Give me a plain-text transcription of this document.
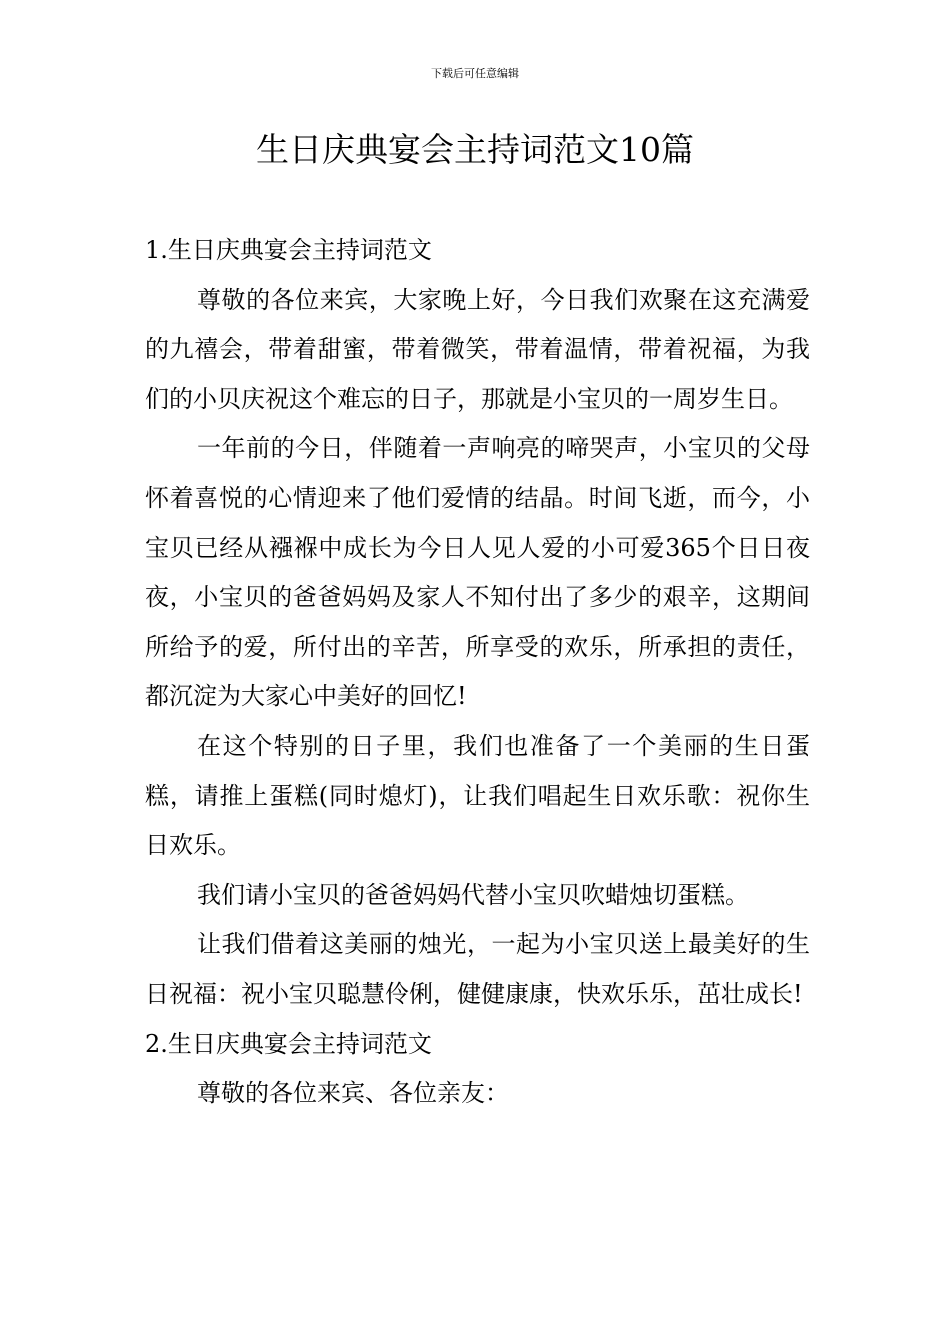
下载后可任意编辑
生日庆典宴会主持词范文10篇

1.生日庆典宴会主持词范文

尊敬的各位来宾，大家晚上好，今日我们欢聚在这充满爱的九禧会，带着甜蜜，带着微笑，带着温情，带着祝福，为我们的小贝庆祝这个难忘的日子，那就是小宝贝的一周岁生日。

一年前的今日，伴随着一声响亮的啼哭声，小宝贝的父母怀着喜悦的心情迎来了他们爱情的结晶。时间飞逝，而今，小宝贝已经从襁褓中成长为今日人见人爱的小可爱365个日日夜夜，小宝贝的爸爸妈妈及家人不知付出了多少的艰辛，这期间所给予的爱，所付出的辛苦，所享受的欢乐，所承担的责任，都沉淀为大家心中美好的回忆!

在这个特别的日子里，我们也准备了一个美丽的生日蛋糕，请推上蛋糕(同时熄灯)，让我们唱起生日欢乐歌：祝你生日欢乐。

我们请小宝贝的爸爸妈妈代替小宝贝吹蜡烛切蛋糕。

让我们借着这美丽的烛光，一起为小宝贝送上最美好的生日祝福：祝小宝贝聪慧伶俐，健健康康，快欢乐乐，茁壮成长!

2.生日庆典宴会主持词范文

尊敬的各位来宾、各位亲友：
